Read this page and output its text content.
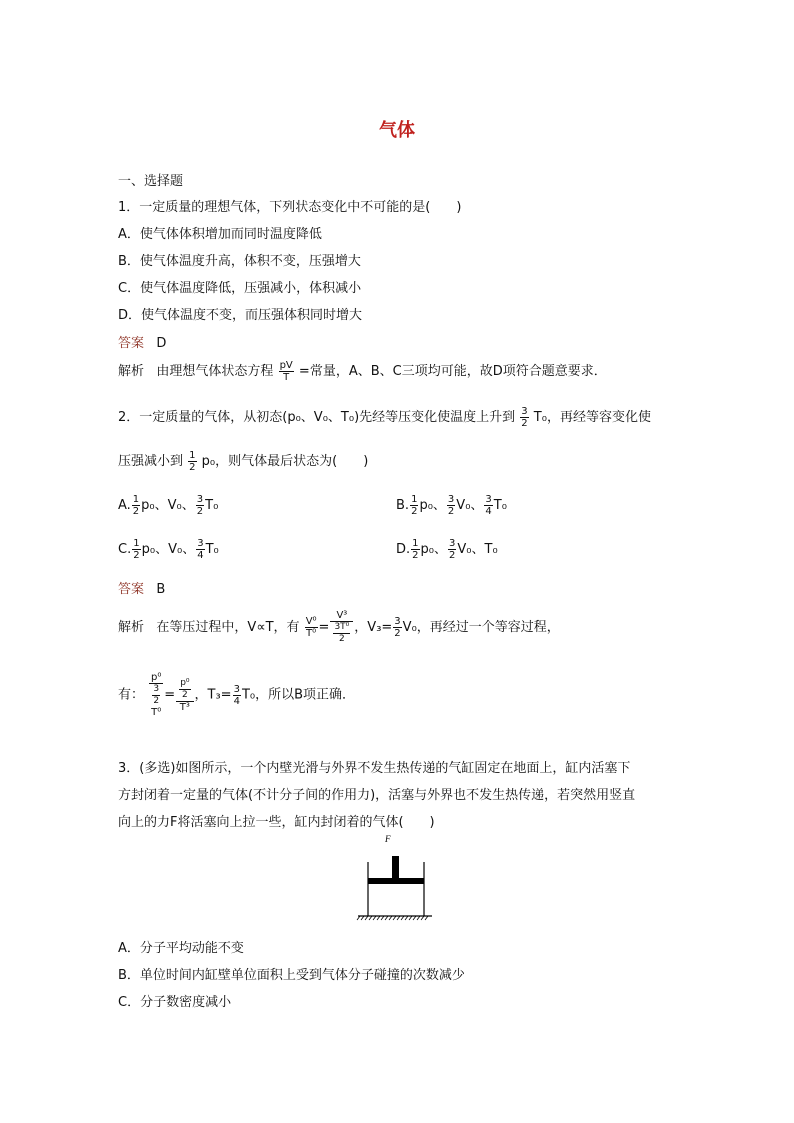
气体
一、选择题
1．一定质量的理想气体，下列状态变化中不可能的是(　　)
A．使气体体积增加而同时温度降低
B．使气体温度升高，体积不变，压强增大
C．使气体温度降低，压强减小，体积减小
D．使气体温度不变，而压强体积同时增大
答案 D
解析 由理想气体状态方程 $\frac{pV}{T}$ =常量，A、B、C三项均可能，故D项符合题意要求．
2．一定质量的气体，从初态(p₀、V₀、T₀)先经等压变化使温度上升到 $\frac{3}{2} T_0$，再经等容变化使
压强减小到 $\frac{1}{2} p_0$，则气体最后状态为(　　)
A. $\frac{1}{2} p_0$、V₀、 $\frac{3}{2} T_0$	B. $\frac{1}{2} p_0$、 $\frac{3}{2} V_0$、 $\frac{3}{4} T_0$
C. $\frac{1}{2} p_0$、V₀、 $\frac{3}{4} T_0$	D. $\frac{1}{2} p_0$、 $\frac{3}{2} V_0$、T₀
答案 B
解析 在等压过程中，V∝T，有 $\frac{\text{V⁰}}{\text{T⁰}} = V^3$
3T⁰
2 ，$V_3= \frac{3}{2} V_0$，再经过一个等容过程，
有： p⁰
3
2
T⁰ = p⁰
2
T³ ，$T_3= \frac{3}{4} T_0$，所以B项正确．
3．(多选)如图所示，一个内壁光滑与外界不发生热传递的气缸固定在地面上，缸内活塞下
方封闭着一定量的气体(不计分子间的作用力)，活塞与外界也不发生热传递，若突然用竖直
向上的力F将活塞向上拉一些，缸内封闭着的气体(　　)
F
A．分子平均动能不变
B．单位时间内缸壁单位面积上受到气体分子碰撞的次数减少
C．分子数密度减小
